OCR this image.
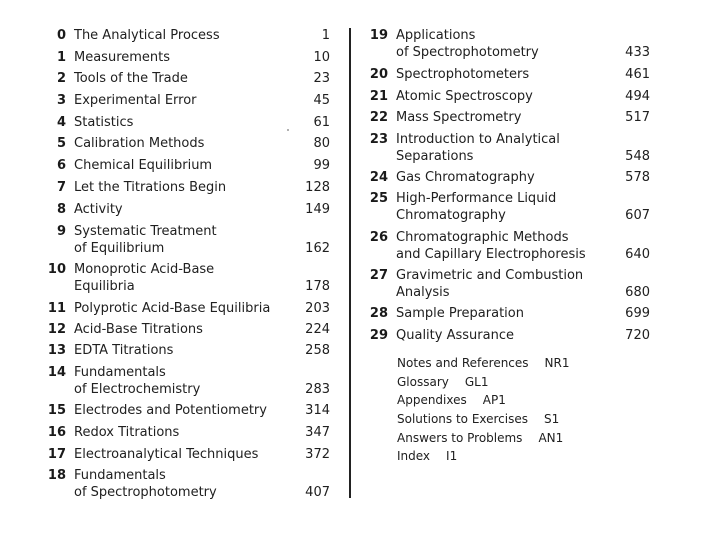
0 The Analytical Process	1
1 Measurements	10
2 Tools of the Trade	23
3 Experimental Error	45
4 Statistics	61
5 Calibration Methods	80
6 Chemical Equilibrium	99
7 Let the Titrations Begin	128
8 Activity	149
9 Systematic Treatment
of Equilibrium	162
10 Monoprotic Acid-Base
Equilibria	178
11 Polyprotic Acid-Base Equilibria	203
12 Acid-Base Titrations	224
13 EDTA Titrations	258
14 Fundamentals
of Electrochemistry	283
15 Electrodes and Potentiometry	314
16 Redox Titrations	347
17 Electroanalytical Techniques	372
18 Fundamentals
of Spectrophotometry	407
19 Applications
of Spectrophotometry	433
20 Spectrophotometers	461
21 Atomic Spectroscopy	494
22 Mass Spectrometry	517
23 Introduction to Analytical
Separations	548
24 Gas Chromatography	578
25 High-Performance Liquid
Chromatography	607
26 Chromatographic Methods
and Capillary Electrophoresis	640
27 Gravimetric and Combustion
Analysis	680
28 Sample Preparation	699
29 Quality Assurance	720
Notes and References NR1
Glossary GL1
Appendixes AP1
Solutions to Exercises S1
Answers to Problems AN1
Index I1
